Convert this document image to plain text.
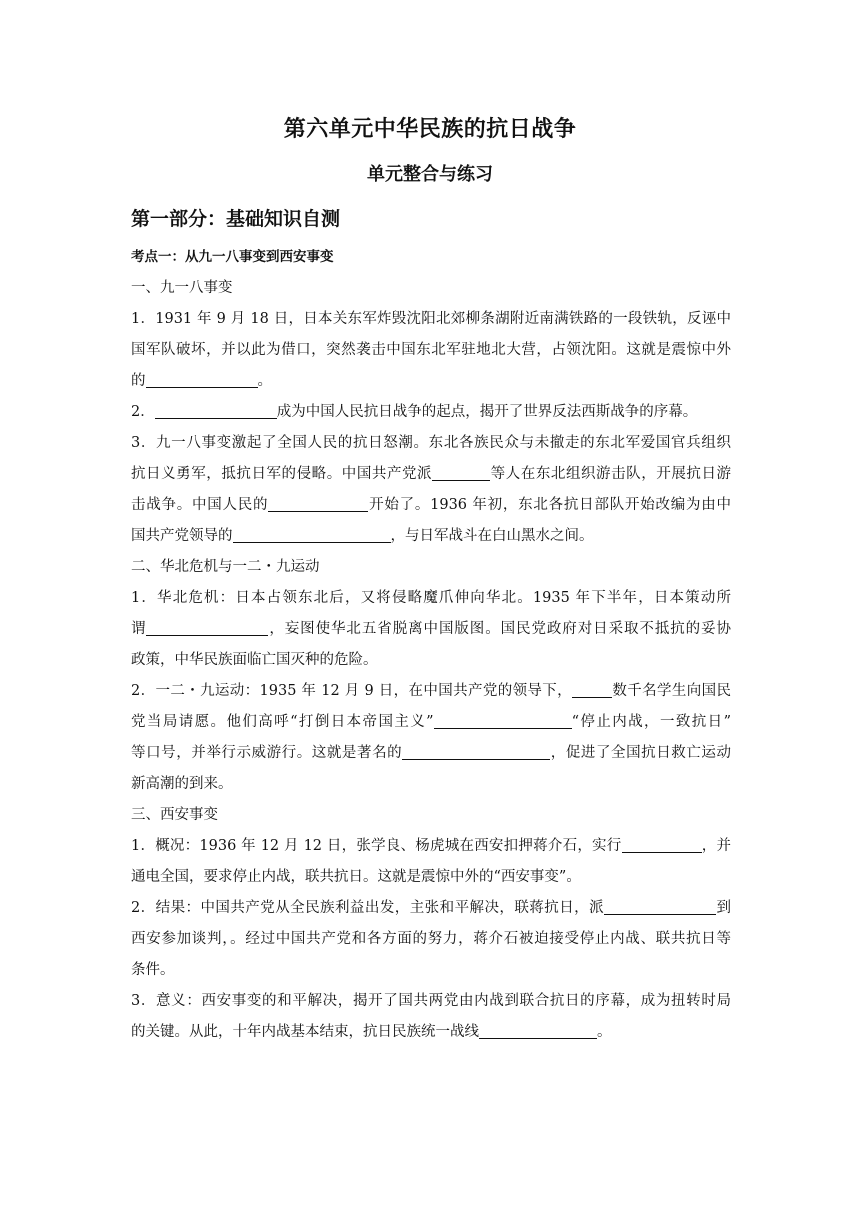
第六单元中华民族的抗日战争
单元整合与练习
第一部分：基础知识自测
考点一：从九一八事变到西安事变
一、九一八事变
1．1931 年 9 月 18 日，日本关东军炸毁沈阳北郊柳条湖附近南满铁路的一段铁轨，反诬中
国军队破坏，并以此为借口，突然袭击中国东北军驻地北大营，占领沈阳。这就是震惊中外
的	。
2．	成为中国人民抗日战争的起点，揭开了世界反法西斯战争的序幕。
3．九一八事变激起了全国人民的抗日怒潮。东北各族民众与未撤走的东北军爱国官兵组织
抗日义勇军，抵抗日军的侵略。中国共产党派	等人在东北组织游击队，开展抗日游
击战争。中国人民的	开始了。1936 年初，东北各抗日部队开始改编为由中
国共产党领导的	，与日军战斗在白山黑水之间。
二、华北危机与一二・九运动
1．华北危机：日本占领东北后，又将侵略魔爪伸向华北。1935 年下半年，日本策动所
谓	，妄图使华北五省脱离中国版图。国民党政府对日采取不抵抗的妥协
政策，中华民族面临亡国灭种的危险。
2．一二・九运动：1935 年 12 月 9 日，在中国共产党的领导下，	数千名学生向国民
党当局请愿。他们高呼“打倒日本帝国主义”	“停止内战，一致抗日”
等口号，并举行示威游行。这就是著名的	，促进了全国抗日救亡运动
新高潮的到来。
三、西安事变
1．概况：1936 年 12 月 12 日，张学良、杨虎城在西安扣押蒋介石，实行	，并
通电全国，要求停止内战，联共抗日。这就是震惊中外的“西安事变”。
2．结果：中国共产党从全民族利益出发，主张和平解决，联蒋抗日，派	到
西安参加谈判，。经过中国共产党和各方面的努力，蒋介石被迫接受停止内战、联共抗日等
条件。
3．意义：西安事变的和平解决，揭开了国共两党由内战到联合抗日的序幕，成为扭转时局
的关键。从此，十年内战基本结束，抗日民族统一战线	。
